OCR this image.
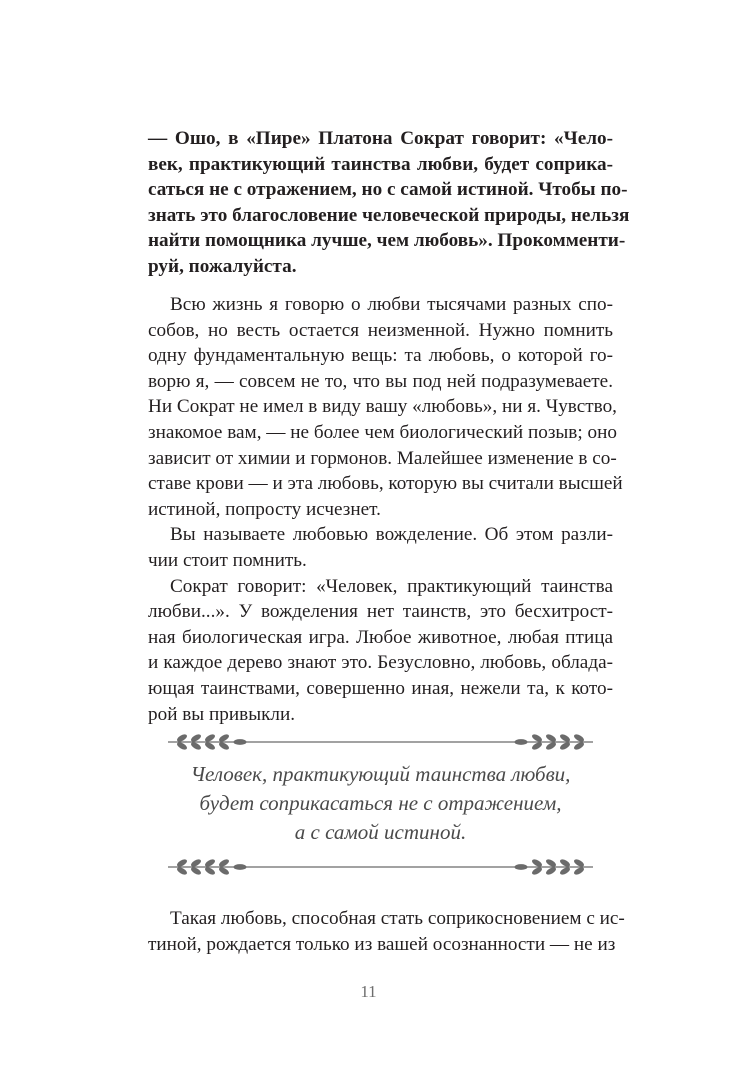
— Ошо, в «Пире» Платона Сократ говорит: «Чело-
век, практикующий таинства любви, будет соприка-
саться не с отражением, но с самой истиной. Чтобы по-
знать это благословение человеческой природы, нельзя
найти помощника лучше, чем любовь». Прокомменти-
руй, пожалуйста.
Всю жизнь я говорю о любви тысячами разных спо-
собов, но весть остается неизменной. Нужно помнить
одну фундаментальную вещь: та любовь, о которой го-
ворю я, — совсем не то, что вы под ней подразумеваете.
Ни Сократ не имел в виду вашу «любовь», ни я. Чувство,
знакомое вам, — не более чем биологический позыв; оно
зависит от химии и гормонов. Малейшее изменение в со-
ставе крови — и эта любовь, которую вы считали высшей
истиной, попросту исчезнет.
Вы называете любовью вожделение. Об этом разли-
чии стоит помнить.
Сократ говорит: «Человек, практикующий таинства
любви...». У вожделения нет таинств, это бесхитрост-
ная биологическая игра. Любое животное, любая птица
и каждое дерево знают это. Безусловно, любовь, облада-
ющая таинствами, совершенно иная, нежели та, к кото-
рой вы привыкли.
Человек, практикующий таинства любви,
будет соприкасаться не с отражением,
а с самой истиной.
Такая любовь, способная стать соприкосновением с ис-
тиной, рождается только из вашей осознанности — не из
11
